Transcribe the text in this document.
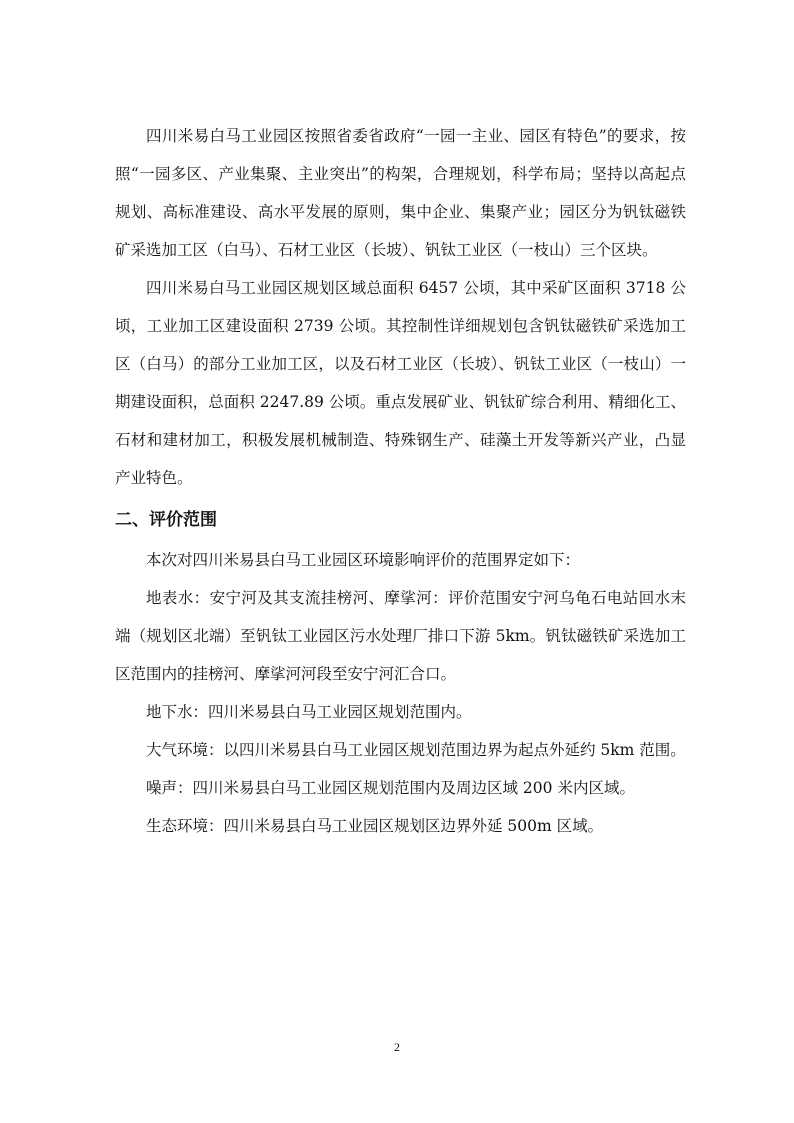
四川米易白马工业园区按照省委省政府“一园一主业、园区有特色”的要求，按照“一园多区、产业集聚、主业突出”的构架，合理规划，科学布局；坚持以高起点规划、高标准建设、高水平发展的原则，集中企业、集聚产业；园区分为钒钛磁铁矿采选加工区（白马）、石材工业区（长坡）、钒钛工业区（一枝山）三个区块。

四川米易白马工业园区规划区域总面积 6457 公顷，其中采矿区面积 3718 公顷，工业加工区建设面积 2739 公顷。其控制性详细规划包含钒钛磁铁矿采选加工区（白马）的部分工业加工区，以及石材工业区（长坡）、钒钛工业区（一枝山）一期建设面积，总面积 2247.89 公顷。重点发展矿业、钒钛矿综合利用、精细化工、石材和建材加工，积极发展机械制造、特殊钢生产、硅藻土开发等新兴产业，凸显产业特色。

二、评价范围

本次对四川米易县白马工业园区环境影响评价的范围界定如下：

地表水：安宁河及其支流挂榜河、摩挲河：评价范围安宁河乌龟石电站回水末端（规划区北端）至钒钛工业园区污水处理厂排口下游 5km。钒钛磁铁矿采选加工区范围内的挂榜河、摩挲河河段至安宁河汇合口。

地下水：四川米易县白马工业园区规划范围内。

大气环境：以四川米易县白马工业园区规划范围边界为起点外延约 5km 范围。

噪声：四川米易县白马工业园区规划范围内及周边区域 200 米内区域。

生态环境：四川米易县白马工业园区规划区边界外延 500m 区域。

2
